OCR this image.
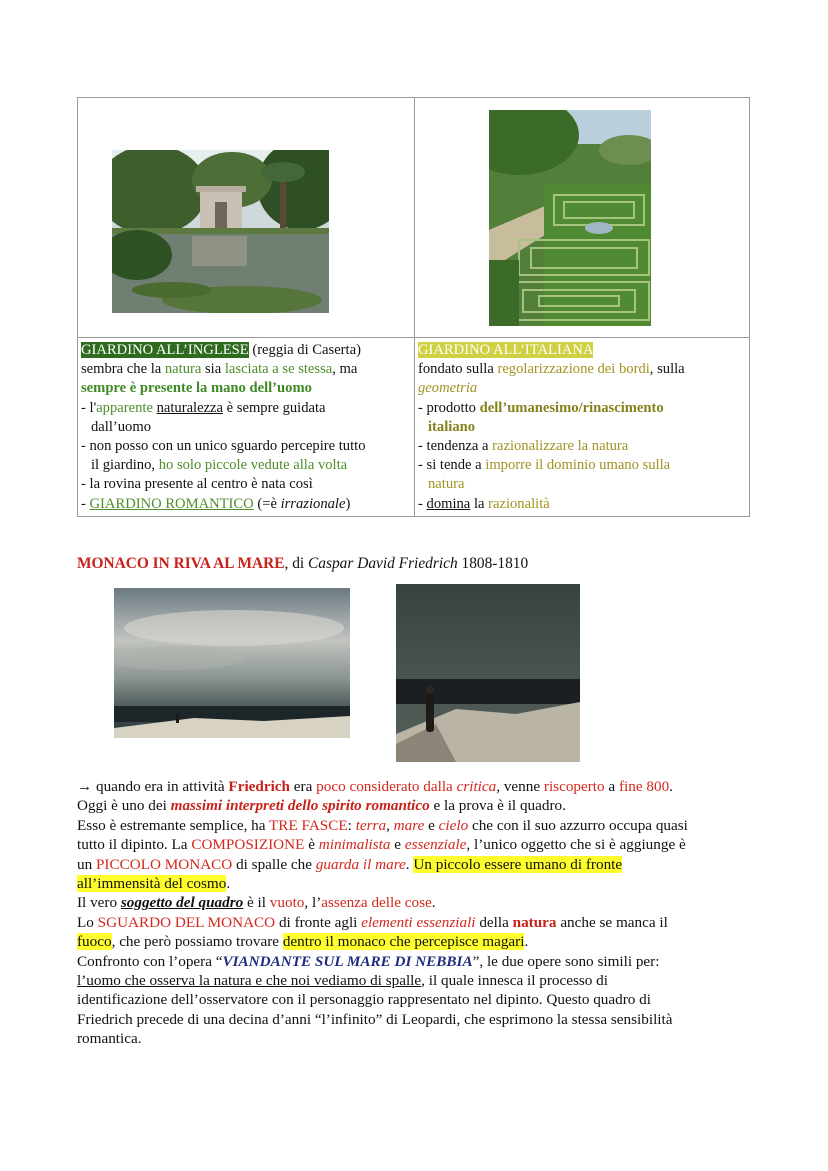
GIARDINO ALL’INGLESE (reggia di Caserta)
sembra che la natura sia lasciata a se stessa, ma
sempre è presente la mano dell’uomo
- l'apparente naturalezza è sempre guidata
dall’uomo
- non posso con un unico sguardo percepire tutto
il giardino, ho solo piccole vedute alla volta
- la rovina presente al centro è nata così
- GIARDINO ROMANTICO (=è irrazionale)
GIARDINO ALL’ITALIANA
fondato sulla regolarizzazione dei bordi, sulla
geometria
- prodotto dell’umanesimo/rinascimento
italiano
- tendenza a razionalizzare la natura
- si tende a imporre il dominio umano sulla
natura
- domina la razionalità
MONACO IN RIVA AL MARE, di Caspar David Friedrich 1808-1810
→ quando era in attività Friedrich era poco considerato dalla critica, venne riscoperto a fine 800.
Oggi è uno dei massimi interpreti dello spirito romantico e la prova è il quadro.
Esso è estremante semplice, ha TRE FASCE: terra, mare e cielo che con il suo azzurro occupa quasi
tutto il dipinto. La COMPOSIZIONE è minimalista e essenziale, l’unico oggetto che si è aggiunge è
un PICCOLO MONACO di spalle che guarda il mare. Un piccolo essere umano di fronte
all’immensità del cosmo.
Il vero soggetto del quadro è il vuoto, l’assenza delle cose.
Lo SGUARDO DEL MONACO di fronte agli elementi essenziali della natura anche se manca il
fuoco, che però possiamo trovare dentro il monaco che percepisce magari.
Confronto con l’opera “VIANDANTE SUL MARE DI NEBBIA”, le due opere sono simili per:
l’uomo che osserva la natura e che noi vediamo di spalle, il quale innesca il processo di
identificazione dell’osservatore con il personaggio rappresentato nel dipinto. Questo quadro di
Friedrich precede di una decina d’anni “l’infinito” di Leopardi, che esprimono la stessa sensibilità
romantica.
